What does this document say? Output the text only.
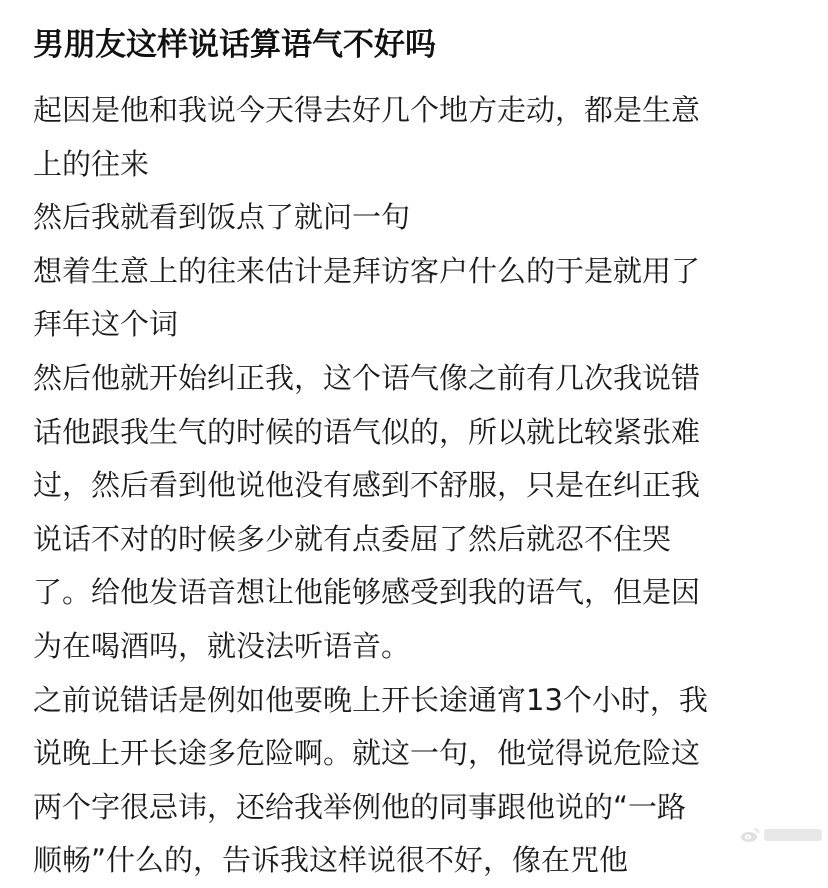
男朋友这样说话算语气不好吗
起因是他和我说今天得去好几个地方走动，都是生意
上的往来
然后我就看到饭点了就问一句
想着生意上的往来估计是拜访客户什么的于是就用了
拜年这个词
然后他就开始纠正我，这个语气像之前有几次我说错
话他跟我生气的时候的语气似的，所以就比较紧张难
过，然后看到他说他没有感到不舒服，只是在纠正我
说话不对的时候多少就有点委屈了然后就忍不住哭
了。给他发语音想让他能够感受到我的语气，但是因
为在喝酒吗，就没法听语音。
之前说错话是例如他要晚上开长途通宵13个小时，我
说晚上开长途多危险啊。就这一句，他觉得说危险这
两个字很忌讳，还给我举例他的同事跟他说的“一路
顺畅”什么的，告诉我这样说很不好，像在咒他
